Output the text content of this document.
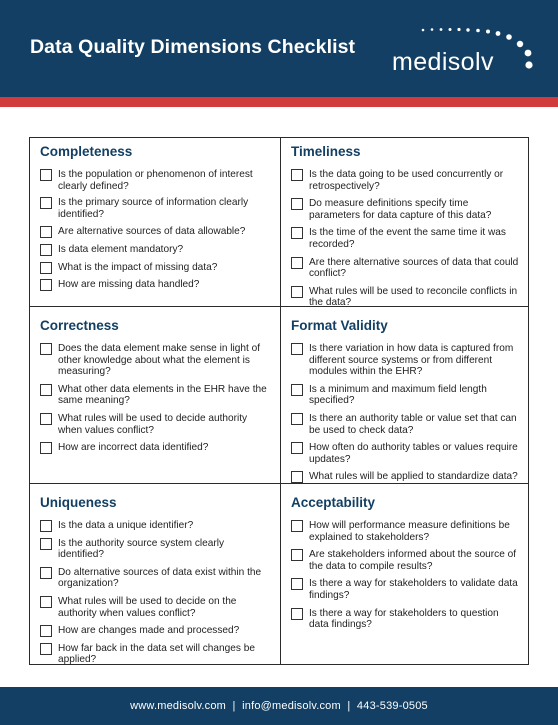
Data Quality Dimensions Checklist
medisolv
Completeness
Is the population or phenomenon of interest clearly defined?
Is the primary source of information clearly identified?
Are alternative sources of data allowable?
Is data element mandatory?
What is the impact of missing data?
How are missing data handled?
Timeliness
Is the data going to be used concurrently or retrospectively?
Do measure definitions specify time parameters for data capture of this data?
Is the time of the event the same time it was recorded?
Are there alternative sources of data that could conflict?
What rules will be used to reconcile conflicts in the data?
Correctness
Does the data element make sense in light of other knowledge about what the element is measuring?
What other data elements in the EHR have the same meaning?
What rules will be used to decide authority when values conflict?
How are incorrect data identified?
Format Validity
Is there variation in how data is captured from different source systems or from different modules within the EHR?
Is a minimum and maximum field length specified?
Is there an authority table or value set that can be used to check data?
How often do authority tables or values require updates?
What rules will be applied to standardize data?
Uniqueness
Is the data a unique identifier?
Is the authority source system clearly identified?
Do alternative sources of data exist within the organization?
What rules will be used to decide on the authority when values conflict?
How are changes made and processed?
How far back in the data set will changes be applied?
Acceptability
How will performance measure definitions be explained to stakeholders?
Are stakeholders informed about the source of the data to compile results?
Is there a way for stakeholders to validate data findings?
Is there a way for stakeholders to question data findings?
www.medisolv.com  |  info@medisolv.com  |  443-539-0505
